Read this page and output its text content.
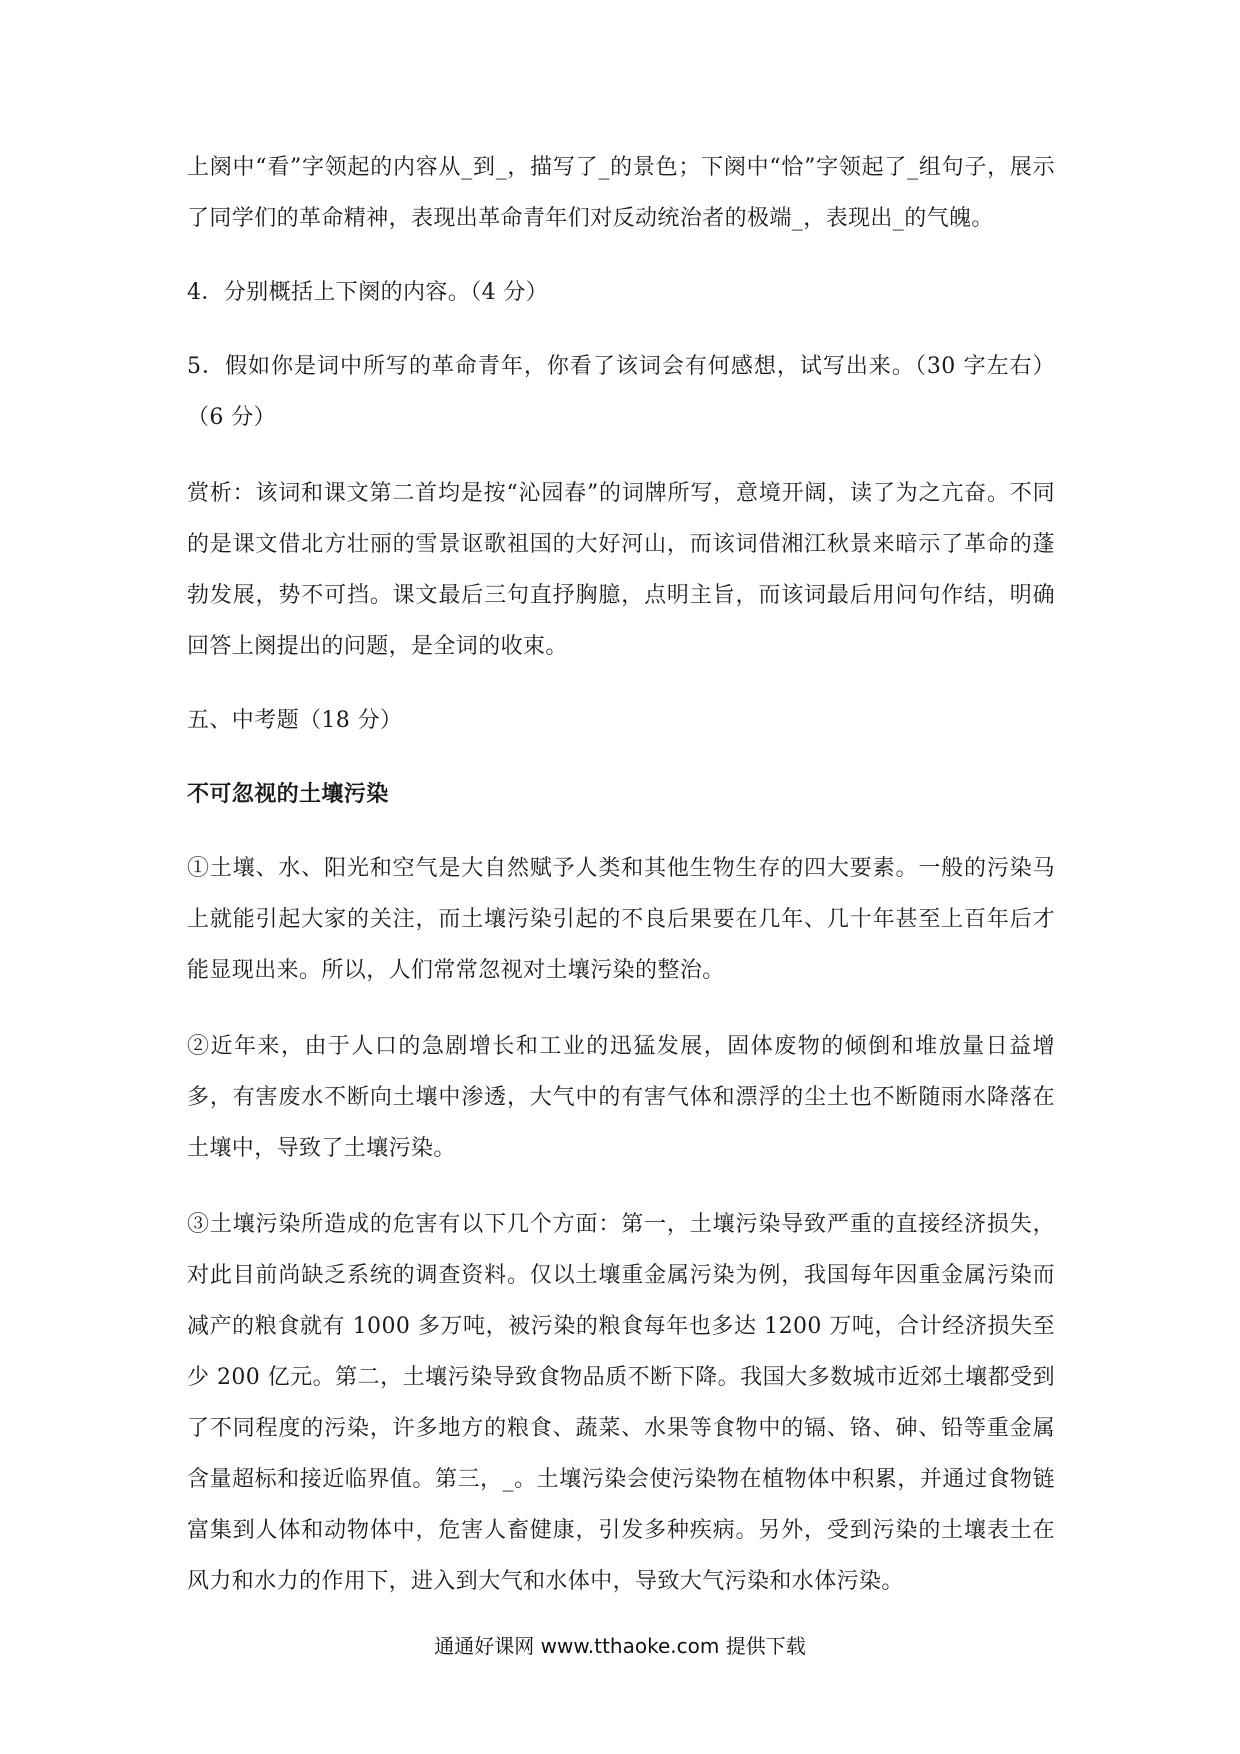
上阕中“看”字领起的内容从_到_，描写了_的景色；下阕中“恰”字领起了_组句子，展示了同学们的革命精神，表现出革命青年们对反动统治者的极端_，表现出_的气魄。

4．分别概括上下阕的内容。（4 分）

5．假如你是词中所写的革命青年，你看了该词会有何感想，试写出来。（30 字左右）（6 分）

赏析：该词和课文第二首均是按“沁园春”的词牌所写，意境开阔，读了为之亢奋。不同的是课文借北方壮丽的雪景讴歌祖国的大好河山，而该词借湘江秋景来暗示了革命的蓬勃发展，势不可挡。课文最后三句直抒胸臆，点明主旨，而该词最后用问句作结，明确回答上阕提出的问题，是全词的收束。

五、中考题（18 分）

不可忽视的土壤污染

①土壤、水、阳光和空气是大自然赋予人类和其他生物生存的四大要素。一般的污染马上就能引起大家的关注，而土壤污染引起的不良后果要在几年、几十年甚至上百年后才能显现出来。所以，人们常常忽视对土壤污染的整治。

②近年来，由于人口的急剧增长和工业的迅猛发展，固体废物的倾倒和堆放量日益增多，有害废水不断向土壤中渗透，大气中的有害气体和漂浮的尘土也不断随雨水降落在土壤中，导致了土壤污染。

③土壤污染所造成的危害有以下几个方面：第一，土壤污染导致严重的直接经济损失，对此目前尚缺乏系统的调查资料。仅以土壤重金属污染为例，我国每年因重金属污染而减产的粮食就有 1000 多万吨，被污染的粮食每年也多达 1200 万吨，合计经济损失至少 200 亿元。第二，土壤污染导致食物品质不断下降。我国大多数城市近郊土壤都受到了不同程度的污染，许多地方的粮食、蔬菜、水果等食物中的镉、铬、砷、铅等重金属含量超标和接近临界值。第三，_。土壤污染会使污染物在植物体中积累，并通过食物链富集到人体和动物体中，危害人畜健康，引发多种疾病。另外，受到污染的土壤表土在风力和水力的作用下，进入到大气和水体中，导致大气污染和水体污染。

通通好课网 www.tthaoke.com 提供下载
